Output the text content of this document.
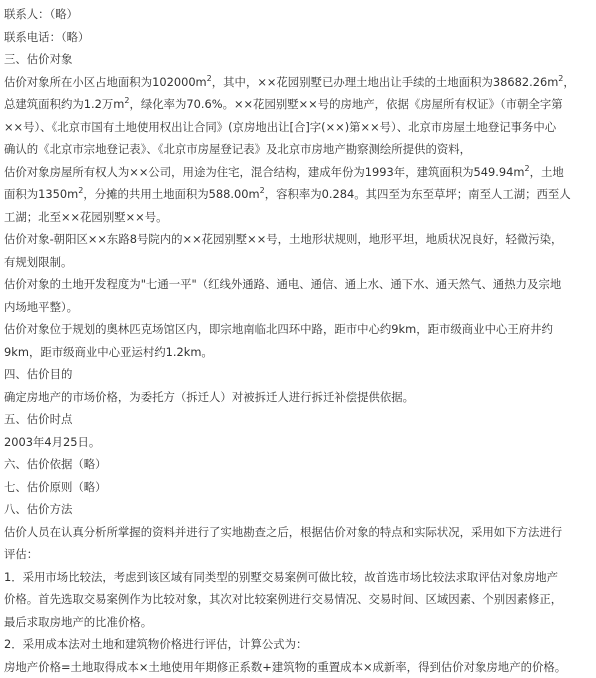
联系人：（略）
联系电话：（略）
三、估价对象
估价对象所在小区占地面积为$102000m^2$，其中，××花园别墅已办理土地出让手续的土地面积为$38682.26m^2$，
总建筑面积约为1.2万$m^2$，绿化率为70.6%。××花园别墅××号的房地产，依据《房屋所有权证》（市朝全字第
××号）、《北京市国有土地使用权出让合同》(京房地出让[合]字(××)第××号）、北京市房屋土地登记事务中心
确认的《北京市宗地登记表》、《北京市房屋登记表》及北京市房地产勘察测绘所提供的资料，
估价对象房屋所有权人为××公司，用途为住宅，混合结构，建成年份为1993年，建筑面积为$549.94m^2$，土地
面积为$1350m^2$，分摊的共用土地面积为$588.00m^2$，容积率为0.284。其四至为东至草坪；南至人工湖；西至人
工湖；北至××花园别墅××号。
估价对象-朝阳区××东路8号院内的××花园别墅××号，土地形状规则，地形平坦，地质状况良好，轻微污染，
有规划限制。
估价对象的土地开发程度为"七通一平"（红线外通路、通电、通信、通上水、通下水、通天然气、通热力及宗地
内场地平整）。
估价对象位于规划的奥林匹克场馆区内，即宗地南临北四环中路，距市中心约9km，距市级商业中心王府井约
9km，距市级商业中心亚运村约1.2km。
四、估价目的
确定房地产的市场价格，为委托方（拆迁人）对被拆迁人进行拆迁补偿提供依据。
五、估价时点
2003年4月25日。
六、估价依据（略）
七、估价原则（略）
八、估价方法
估价人员在认真分析所掌握的资料并进行了实地勘查之后，根据估价对象的特点和实际状况，采用如下方法进行
评估：
1．采用市场比较法，考虑到该区域有同类型的别墅交易案例可做比较，故首选市场比较法求取评估对象房地产
价格。首先选取交易案例作为比较对象，其次对比较案例进行交易情况、交易时间、区域因素、个别因素修正，
最后求取房地产的比准价格。
2．采用成本法对土地和建筑物价格进行评估，计算公式为：
房地产价格=土地取得成本×土地使用年期修正系数+建筑物的重置成本×成新率，得到估价对象房地产的价格。
